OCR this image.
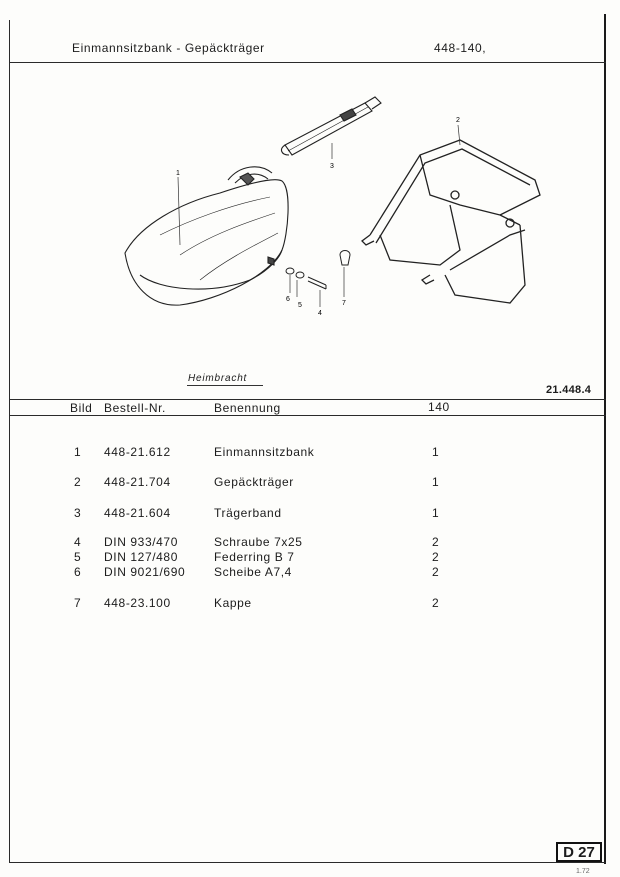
Einmannsitzbank - Gepäckträger	448-140,
1
2
3
4
5
6
7
Heimbracht
21.448.4
Bild Bestell-Nr.	Benennung	140
1 448-21.612	Einmannsitzbank	1
2 448-21.704	Gepäckträger	1
3 448-21.604	Trägerband	1
4 DIN 933/470	Schraube 7x25	2
5 DIN 127/480	Federring B 7	2
6 DIN 9021/690 Scheibe A7,4	2
7 448-23.100	Kappe	2
D 27
1.72
